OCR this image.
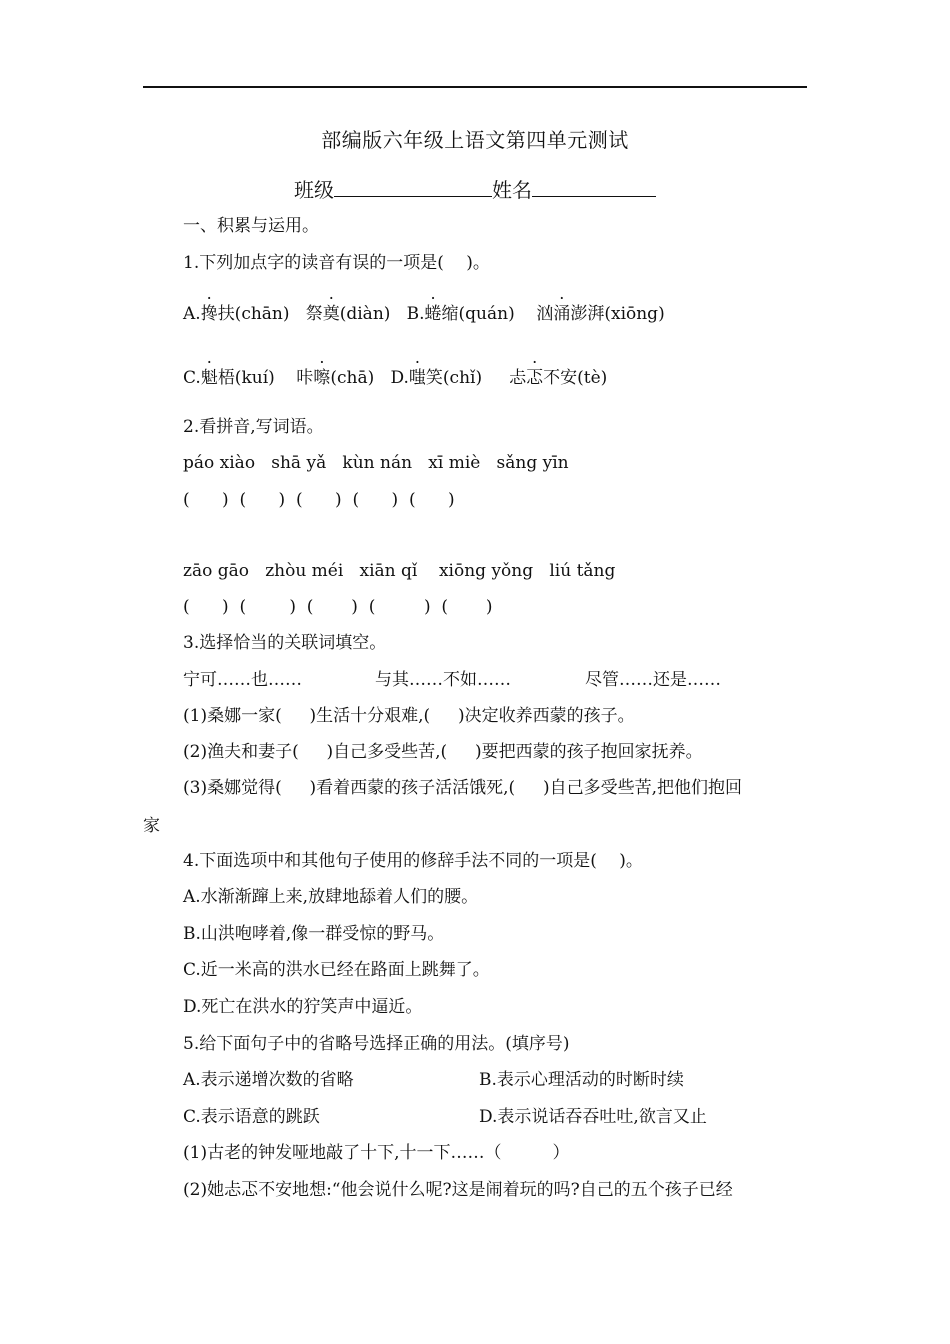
部编版六年级上语文第四单元测试
班级	姓名
一、积累与运用。
1.下列加点字的读音有误的一项是(　 )。
A.搀扶(chān) 祭奠(diàn) B.蜷缩(quán) 汹涌澎湃(xiōng)
C.魁梧(kuí) 咔嚓(chā) D.嗤笑(chǐ) 忐忑不安(tè)
2.看拼音,写词语。
páo xiào   shā yǎ   kùn nán   xī miè   sǎng yīn
(      )  (      )  (      )  (      )  (      )
zāo gāo   zhòu méi   xiān qǐ    xiōng yǒng   liú tǎng
(      )  (        )  (       )  (         )  (       )
3.选择恰当的关联词填空。
宁可……也……	与其……不如……	尽管……还是……
(1)桑娜一家(　  )生活十分艰难,(　  )决定收养西蒙的孩子。
(2)渔夫和妻子(　  )自己多受些苦,(　  )要把西蒙的孩子抱回家抚养。
(3)桑娜觉得(　  )看着西蒙的孩子活活饿死,(　  )自己多受些苦,把他们抱回
家
4.下面选项中和其他句子使用的修辞手法不同的一项是(　 )。
A.水渐渐蹿上来,放肆地舔着人们的腰。
B.山洪咆哮着,像一群受惊的野马。
C.近一米高的洪水已经在路面上跳舞了。
D.死亡在洪水的狞笑声中逼近。
5.给下面句子中的省略号选择正确的用法。(填序号)
A.表示递增次数的省略	B.表示心理活动的时断时续
C.表示语意的跳跃	D.表示说话吞吞吐吐,欲言又止
(1)古老的钟发哑地敲了十下,十一下……（　　　）
(2)她忐忑不安地想:“他会说什么呢?这是闹着玩的吗?自己的五个孩子已经
